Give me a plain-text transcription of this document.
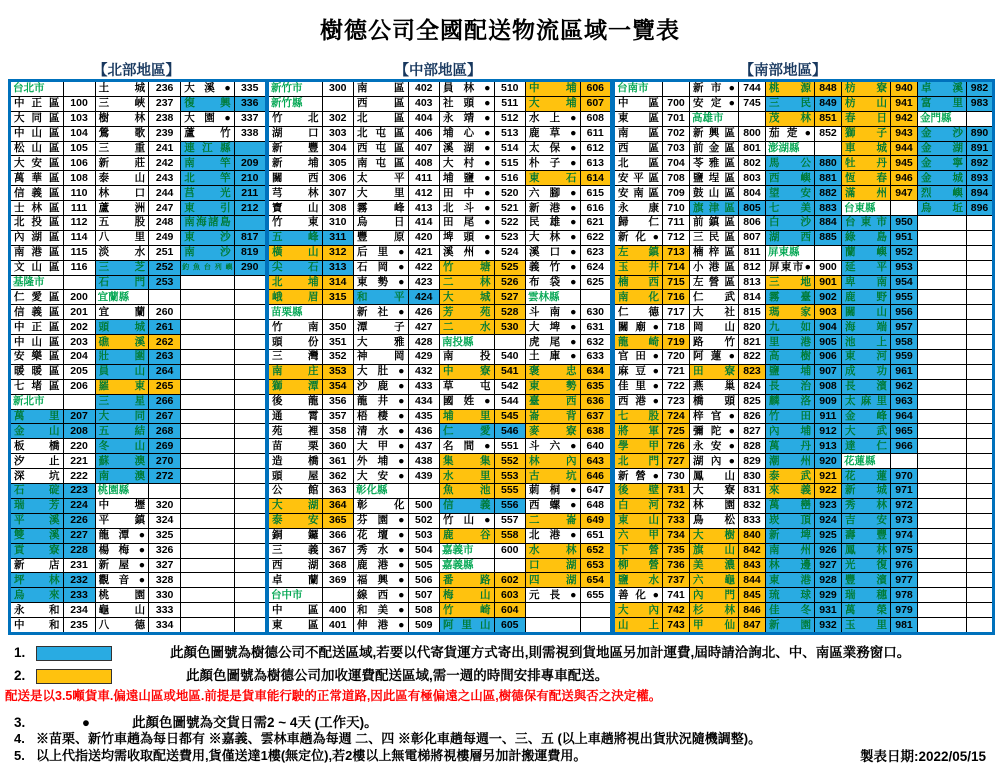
樹德公司全國配送物流區域一覽表
【北部地區】	【中部地區】	【南部地區】
台北市		土城	236	大溪●	335
中正區	100	三峽	237	復興	336
大同區	103	樹林	238	大園●	337
中山區	104	鶯歌	239	蘆竹	338
松山區	105	三重	241	連江縣	
大安區	106	新莊	242	南竿	209
萬華區	108	泰山	243	北竿	210
信義區	110	林口	244	莒光	211
士林區	111	蘆洲	247	東引	212
北投區	112	五股	248	南海諸島	
內湖區	114	八里	249	東沙	817
南港區	115	淡水	251	南沙	819
文山區	116	三芝	252	釣魚台列嶼	290
基隆市		石門	253		
仁愛區	200	宜蘭縣			
信義區	201	宜蘭	260		
中正區	202	頭城	261		
中山區	203	礁溪	262		
安樂區	204	壯圍	263		
暖暖區	205	員山	264		
七堵區	206	羅東	265		
新北市		三星	266		
萬里	207	大同	267		
金山	208	五結	268		
板橋	220	冬山	269		
汐止	221	蘇澳	270		
深坑	222	南澳	272		
石碇	223	桃園縣			
瑞芳	224	中壢	320		
平溪	226	平鎮	324		
雙溪	227	龍潭●	325		
貢寮	228	楊梅●	326		
新店	231	新屋●	327		
坪林	232	觀音●	328		
烏來	233	桃園	330		
永和	234	龜山	333		
中和	235	八德	334		
新竹市	300	南區	402	員林●	510	中埔	606
新竹縣		西區	403	社頭●	511	大埔	607
竹北	302	北區	404	永靖●	512	水上●	608
湖口	303	北屯區	406	埔心●	513	鹿草●	611
新豐	304	西屯區	407	溪湖●	514	太保●	612
新埔	305	南屯區	408	大村●	515	朴子●	613
關西	306	太平	411	埔鹽●	516	東石	614
芎林	307	大里	412	田中●	520	六腳●	615
寶山	308	霧峰	413	北斗●	521	新港●	616
竹東	310	烏日	414	田尾●	522	民雄●	621
五峰	311	豐原	420	埤頭●	523	大林●	622
橫山	312	后里●	421	溪州●	524	溪口●	623
尖石	313	石岡●	422	竹塘	525	義竹●	624
北埔	314	東勢●	423	二林	526	布袋●	625
峨眉	315	和平	424	大城	527	雲林縣	
苗栗縣		新社●	426	芳苑	528	斗南●	630
竹南	350	潭子	427	二水	530	大埤●	631
頭份	351	大雅	428	南投縣		虎尾●	632
三灣	352	神岡	429	南投	540	土庫●	633
南庄	353	大肚●	432	中寮	541	褒忠	634
獅潭	354	沙鹿●	433	草屯	542	東勢	635
後龍	356	龍井●	434	國姓●	544	臺西	636
通霄	357	梧棲●	435	埔里	545	崙背	637
苑裡	358	清水●	436	仁愛	546	麥寮	638
苗栗	360	大甲●	437	名間●	551	斗六●	640
造橋	361	外埔●	438	集集	552	林內	643
頭屋	362	大安●	439	水里	553	古坑	646
公館	363	彰化縣		魚池	555	莿桐●	647
大湖	364	彰化	500	信義	556	西螺●	648
泰安	365	芬園●	502	竹山●	557	二崙	649
銅鑼	366	花壇●	503	鹿谷	558	北港●	651
三義	367	秀水●	504	嘉義市	600	水林	652
西湖	368	鹿港●	505	嘉義縣		口湖	653
卓蘭	369	福興●	506	番路	602	四湖	654
台中市		線西●	507	梅山	603	元長●	655
中區	400	和美●	508	竹崎	604		
東區	401	伸港●	509	阿里山	605		
台南市		新市●	744	桃源	848	枋寮	940	卓溪	982
中區	700	安定●	745	三民	849	枋山	941	富里	983
東區	701	高雄市		茂林	851	春日	942	金門縣	
南區	702	新興區	800	茄萣●	852	獅子	943	金沙	890
西區	703	前金區	801	澎湖縣		車城	944	金湖	891
北區	704	苓雅區	802	馬公	880	牡丹	945	金寧	892
安平區	708	鹽埕區	803	西嶼	881	恆春	946	金城	893
安南區	709	鼓山區	804	望安	882	滿州	947	烈嶼	894
永康	710	旗津區	805	七美	883	台東縣		烏坵	896
歸仁	711	前鎮區	806	白沙	884	台東市	950		
新化●	712	三民區	807	湖西	885	綠島	951		
左鎮	713	楠梓區	811	屏東縣		蘭嶼	952		
玉井	714	小港區	812	屏東市●	900	延平	953		
楠西	715	左營區	813	三地	901	卑南	954		
南化	716	仁武	814	霧臺	902	鹿野	955		
仁德	717	大社	815	瑪家	903	關山	956		
關廟●	718	岡山	820	九如	904	海端	957		
龍崎	719	路竹	821	里港	905	池上	958		
官田●	720	阿蓮●	822	高樹	906	東河	959		
麻豆●	721	田寮	823	鹽埔	907	成功	961		
佳里●	722	燕巢	824	長治	908	長濱	962		
西港●	723	橋頭	825	麟洛	909	太麻里	963		
七股	724	梓官●	826	竹田	911	金峰	964		
將軍	725	彌陀●	827	內埔	912	大武	965		
學甲	726	永安●	828	萬丹	913	達仁	966		
北門	727	湖內●	829	潮州	920	花蓮縣			
新營●	730	鳳山	830	泰武	921	花蓮	970		
後壁	731	大寮	831	來義	922	新城	971		
白河	732	林園	832	萬巒	923	秀林	972		
東山	733	鳥松	833	崁頂	924	吉安	973		
六甲	734	大樹	840	新埤	925	壽豐	974		
下營	735	旗山	842	南州	926	鳳林	975		
柳營	736	美濃	843	林邊	927	光復	976		
鹽水	737	六龜	844	東港	928	豐濱	977		
善化●	741	內門	845	琉球	929	瑞穗	978		
大內	742	杉林	846	佳冬	931	萬榮	979		
山上	743	甲仙	847	新園	932	玉里	981		
1.	此顏色圖號為樹德公司不配送區域,若要以代寄貨運方式寄出,則需視到貨地區另加計運費,屆時請洽詢北、中、南區業務窗口。
2.	此顏色圖號為樹德公司加收運費配送區域,需一週的時間安排專車配送。
配送是以3.5噸貨車.偏遠山區或地區.前提是貨車能行駛的正常道路,因此區有極偏遠之山區,樹德保有配送與否之決定權。
3.	●	此顏色圖號為交貨日需2 ~ 4天 (工作天)。
4. ※苗栗、新竹車趟為每日都有 ※嘉義、雲林車趟為每週 二、四 ※彰化車趟每週一、三、五 (以上車趟將視出貨狀況隨機調整)。
5. 以上代指送均需收取配送費用,貨僅送達1樓(無定位),若2樓以上無電梯將視樓層另加計搬運費用。	製表日期:2022/05/15
